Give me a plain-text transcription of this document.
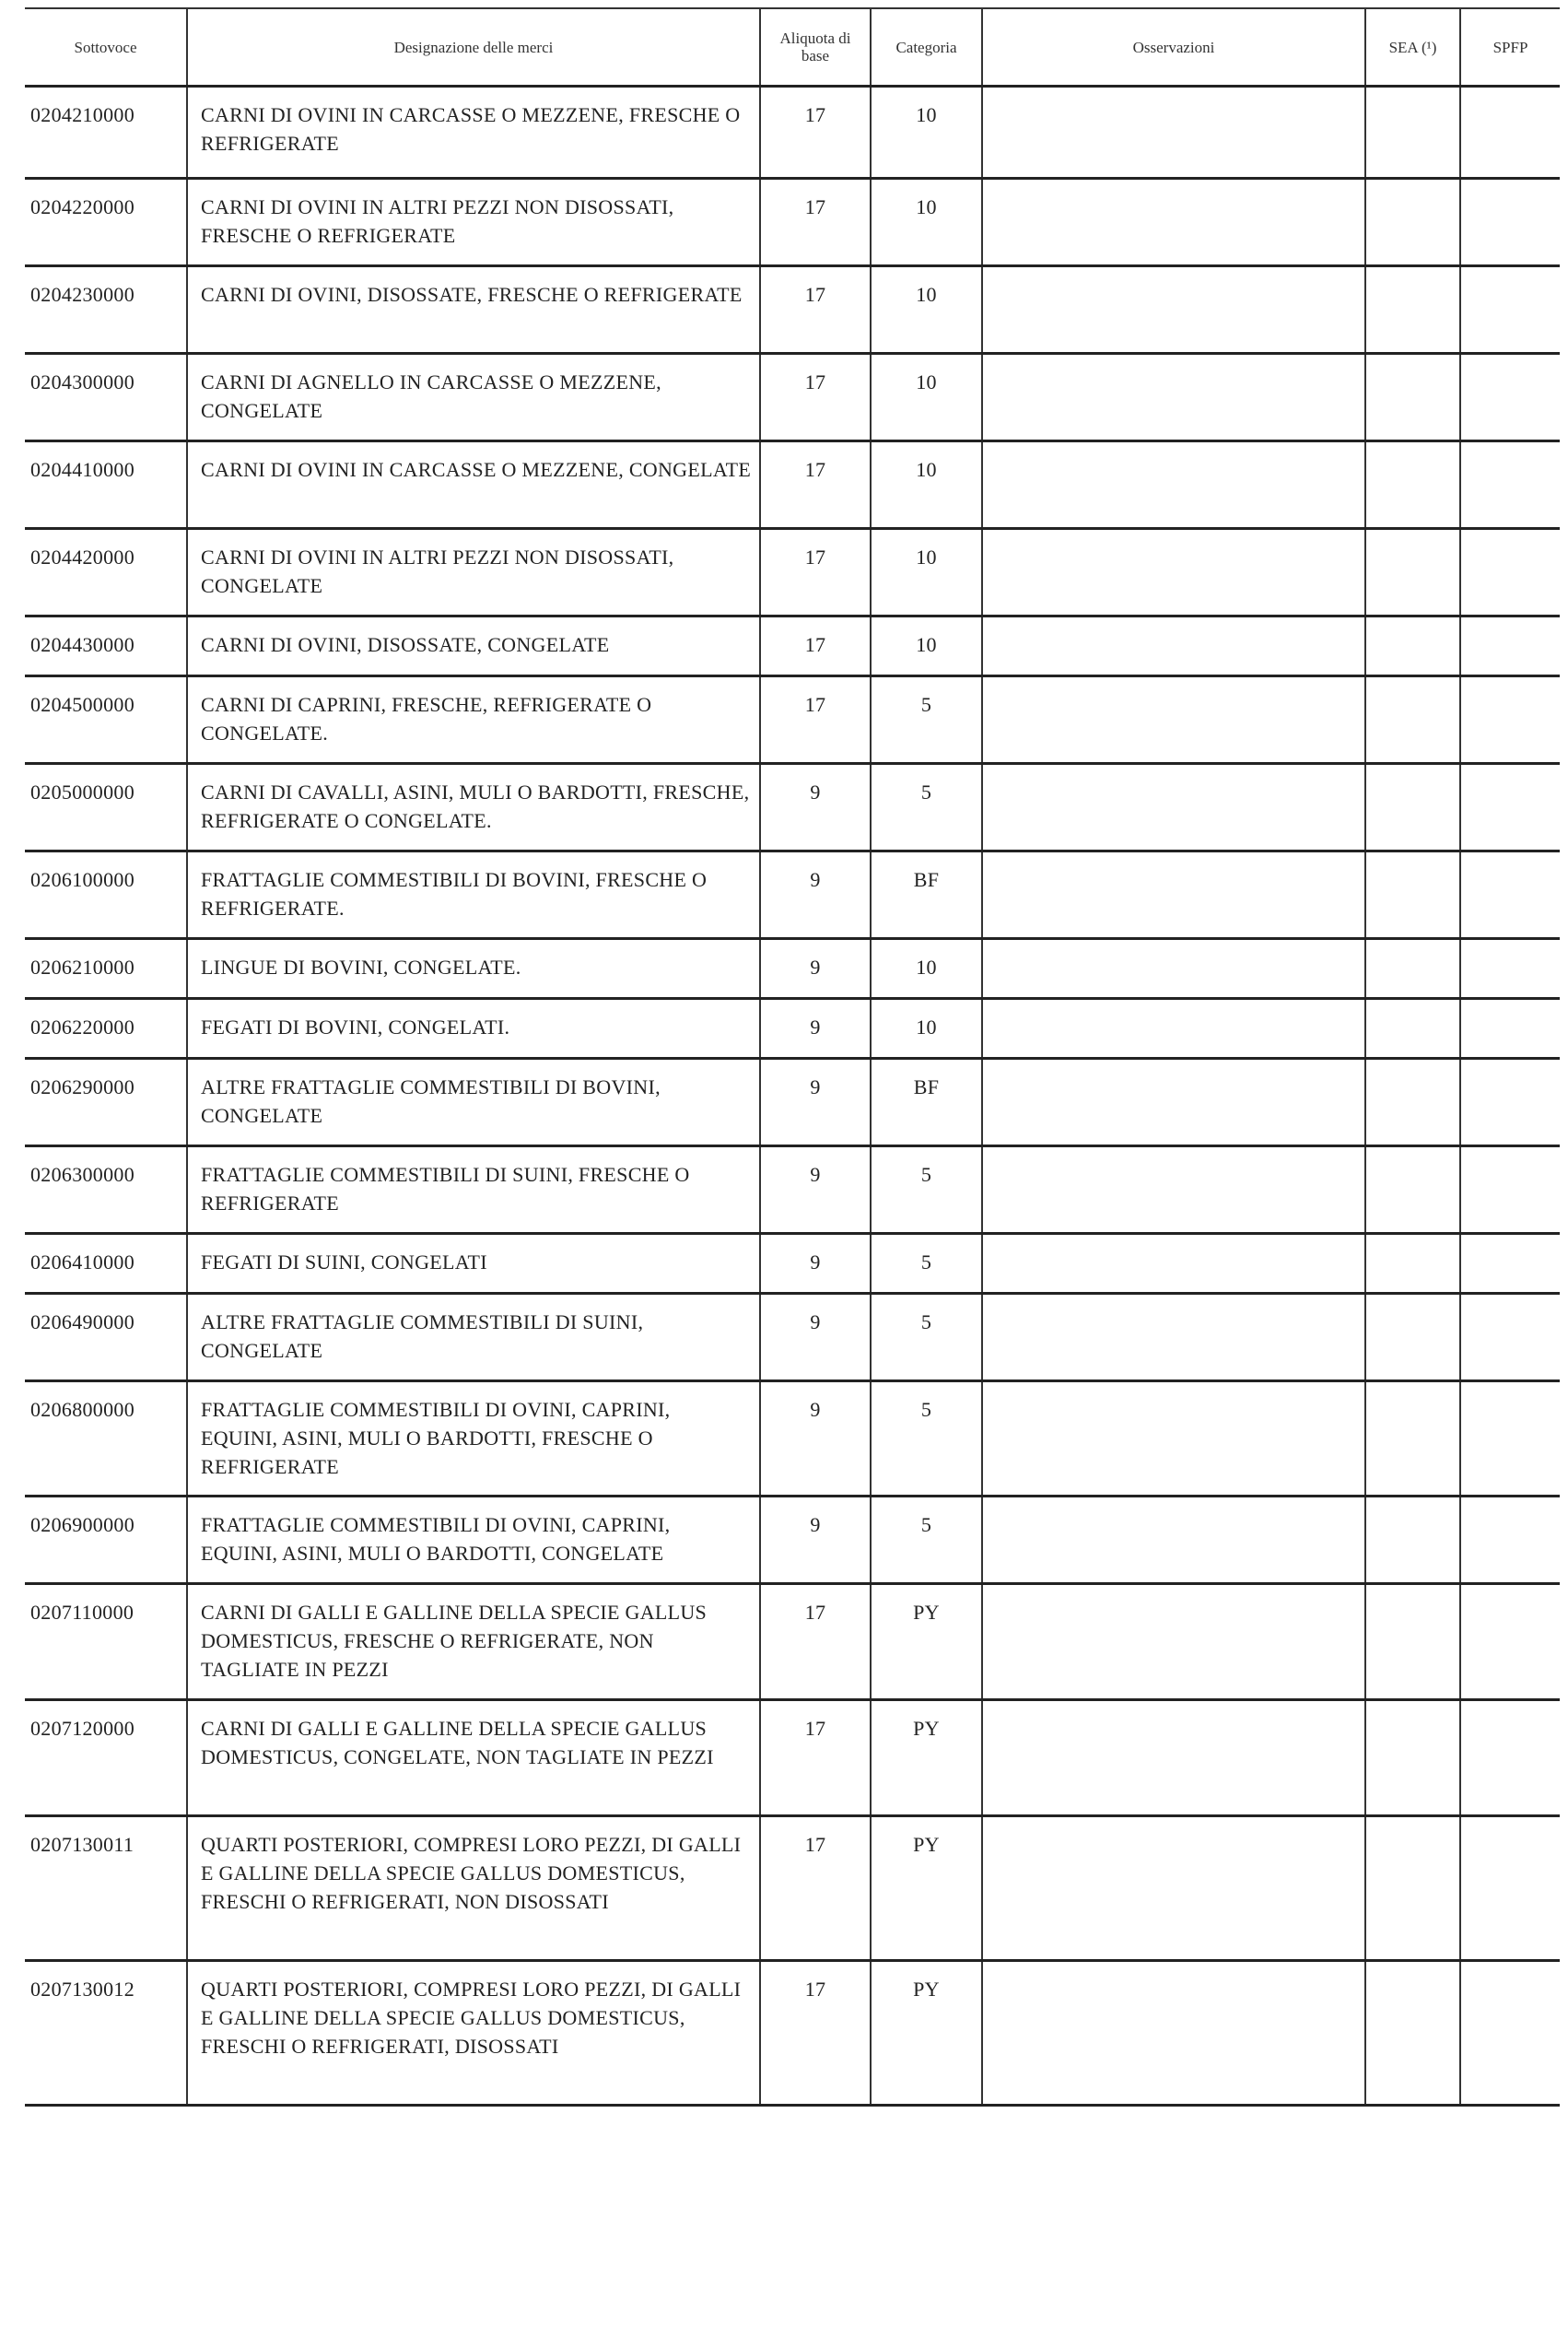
Sottovoce	Designazione delle merci	Aliquota di base	Categoria	Osservazioni	SEA (¹)	SPFP
0204210000	CARNI DI OVINI IN CARCASSE O MEZZENE, FRESCHE O REFRIGERATE	17	10			
0204220000	CARNI DI OVINI IN ALTRI PEZZI NON DISOSSATI, FRESCHE O REFRIGERATE	17	10			
0204230000	CARNI DI OVINI, DISOSSATE, FRESCHE O REFRIGERATE	17	10			
0204300000	CARNI DI AGNELLO IN CARCASSE O MEZZENE, CONGELATE	17	10			
0204410000	CARNI DI OVINI IN CARCASSE O MEZZENE, CONGELATE	17	10			
0204420000	CARNI DI OVINI IN ALTRI PEZZI NON DISOSSATI, CONGELATE	17	10			
0204430000	CARNI DI OVINI, DISOSSATE, CONGELATE	17	10			
0204500000	CARNI DI CAPRINI, FRESCHE, REFRIGERATE O CONGELATE.	17	5			
0205000000	CARNI DI CAVALLI, ASINI, MULI O BARDOTTI, FRESCHE, REFRIGERATE O CONGELATE.	9	5			
0206100000	FRATTAGLIE COMMESTIBILI DI BOVINI, FRESCHE O REFRIGERATE.	9	BF			
0206210000	LINGUE DI BOVINI, CONGELATE.	9	10			
0206220000	FEGATI DI BOVINI, CONGELATI.	9	10			
0206290000	ALTRE FRATTAGLIE COMMESTIBILI DI BOVINI, CONGELATE	9	BF			
0206300000	FRATTAGLIE COMMESTIBILI DI SUINI, FRESCHE O REFRIGERATE	9	5			
0206410000	FEGATI DI SUINI, CONGELATI	9	5			
0206490000	ALTRE FRATTAGLIE COMMESTIBILI DI SUINI, CONGELATE	9	5			
0206800000	FRATTAGLIE COMMESTIBILI DI OVINI, CAPRINI, EQUINI, ASINI, MULI O BARDOTTI, FRESCHE O REFRIGERATE	9	5			
0206900000	FRATTAGLIE COMMESTIBILI DI OVINI, CAPRINI, EQUINI, ASINI, MULI O BARDOTTI, CONGELATE	9	5			
0207110000	CARNI DI GALLI E GALLINE DELLA SPECIE GALLUS DOMESTICUS, FRESCHE O REFRIGERATE, NON TAGLIATE IN PEZZI	17	PY			
0207120000	CARNI DI GALLI E GALLINE DELLA SPECIE GALLUS DOMESTICUS, CONGELATE, NON TAGLIATE IN PEZZI	17	PY			
0207130011	QUARTI POSTERIORI, COMPRESI LORO PEZZI, DI GALLI E GALLINE DELLA SPECIE GALLUS DOMESTICUS, FRESCHI O REFRIGERATI, NON DISOSSATI	17	PY			
0207130012	QUARTI POSTERIORI, COMPRESI LORO PEZZI, DI GALLI E GALLINE DELLA SPECIE GALLUS DOMESTICUS, FRESCHI O REFRIGERATI, DISOSSATI	17	PY			
